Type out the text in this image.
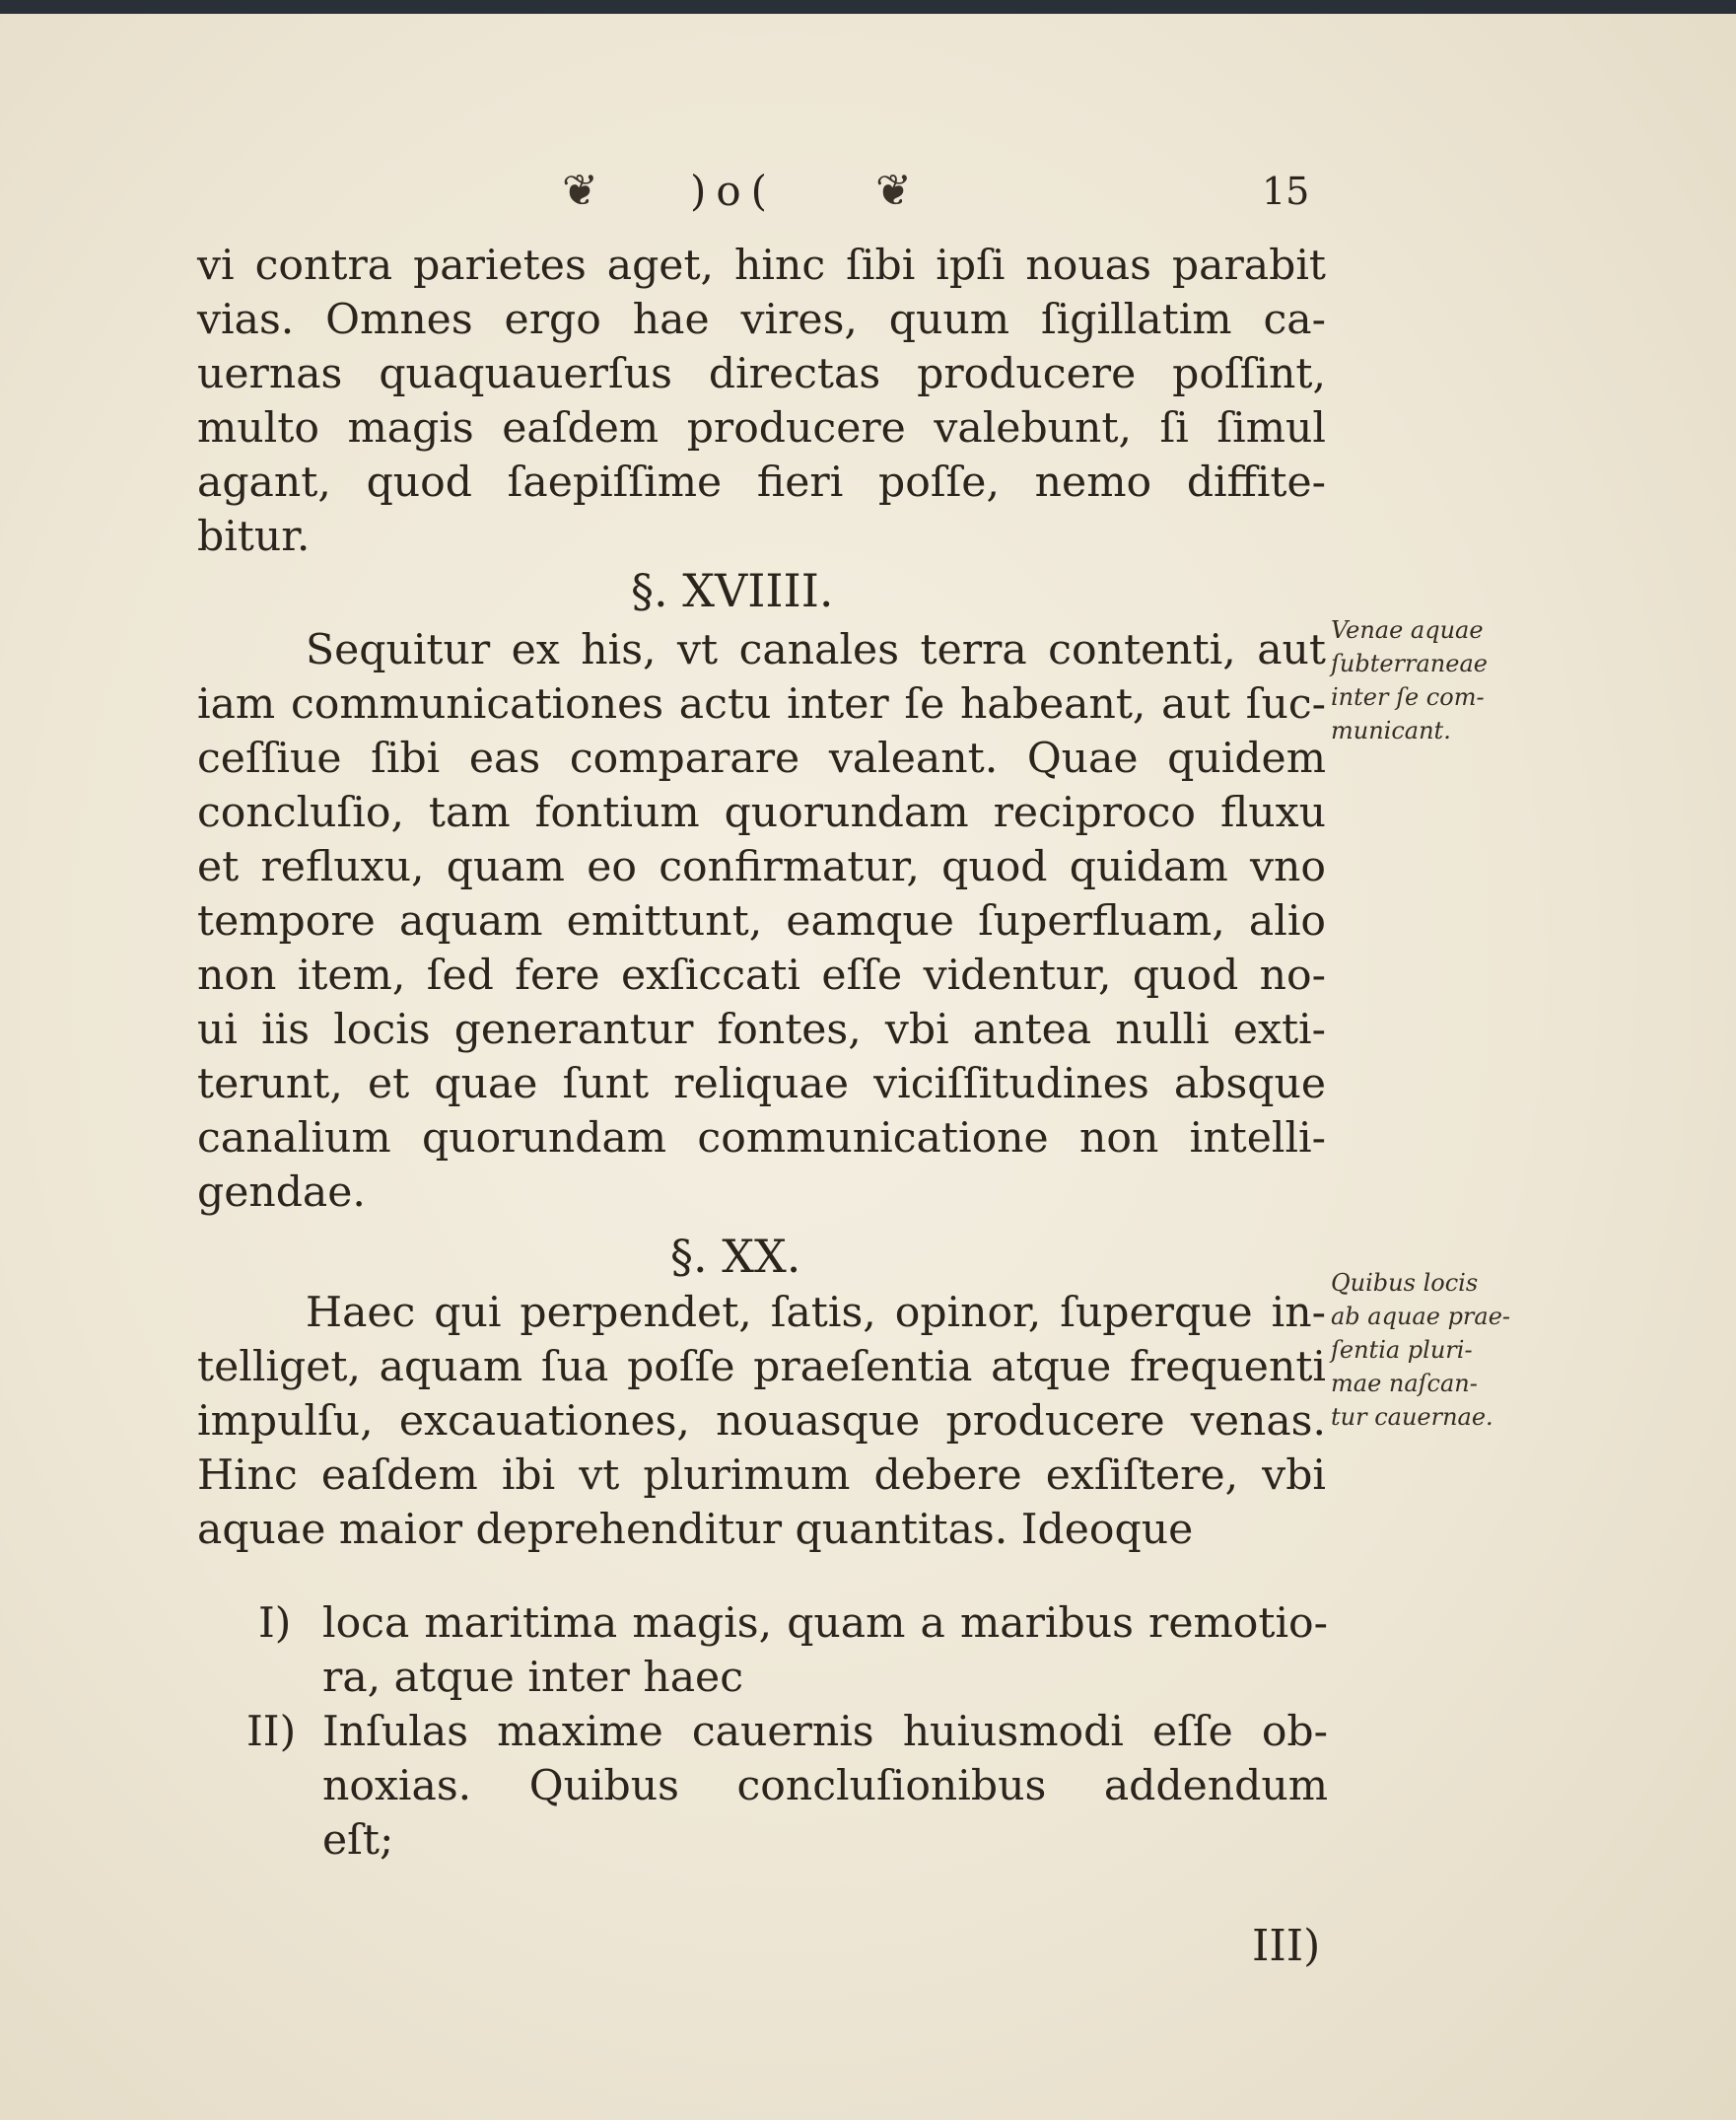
❦ )o( ❦	15
vi contra parietes aget, hinc ſibi ipſi nouas parabit
vias. Omnes ergo hae vires, quum ſigillatim ca-
uernas quaquauerſus directas producere poſſint,
multo magis eaſdem producere valebunt, ſi ſimul
agant, quod ſaepiſſime fieri poſſe, nemo diffite-
bitur.
§. XVIIII.
Sequitur ex his, vt canales terra contenti, aut
iam communicationes actu inter ſe habeant, aut ſuc-
ceſſiue ſibi eas comparare valeant. Quae quidem
concluſio, tam fontium quorundam reciproco fluxu
et refluxu, quam eo confirmatur, quod quidam vno
tempore aquam emittunt, eamque ſuperfluam, alio
non item, ſed fere exſiccati eſſe videntur, quod no-
ui iis locis generantur fontes, vbi antea nulli exti-
terunt, et quae ſunt reliquae viciſſitudines absque
canalium quorundam communicatione non intelli-
gendae.
Venae aquae
ſubterraneae
inter ſe com-
municant.
§. XX.
Haec qui perpendet, ſatis, opinor, ſuperque in-
telliget, aquam ſua poſſe praeſentia atque frequenti
impulſu, excauationes, nouasque producere venas.
Hinc eaſdem ibi vt plurimum debere exſiſtere, vbi
aquae maior deprehenditur quantitas. Ideoque
Quibus locis
ab aquae prae-
ſentia pluri-
mae naſcan-
tur cauernae.
I) loca maritima magis, quam a maribus remotio-
ra, atque inter haec
II) Inſulas maxime cauernis huiusmodi eſſe ob-
noxias. Quibus concluſionibus addendum
eſt;
III)
